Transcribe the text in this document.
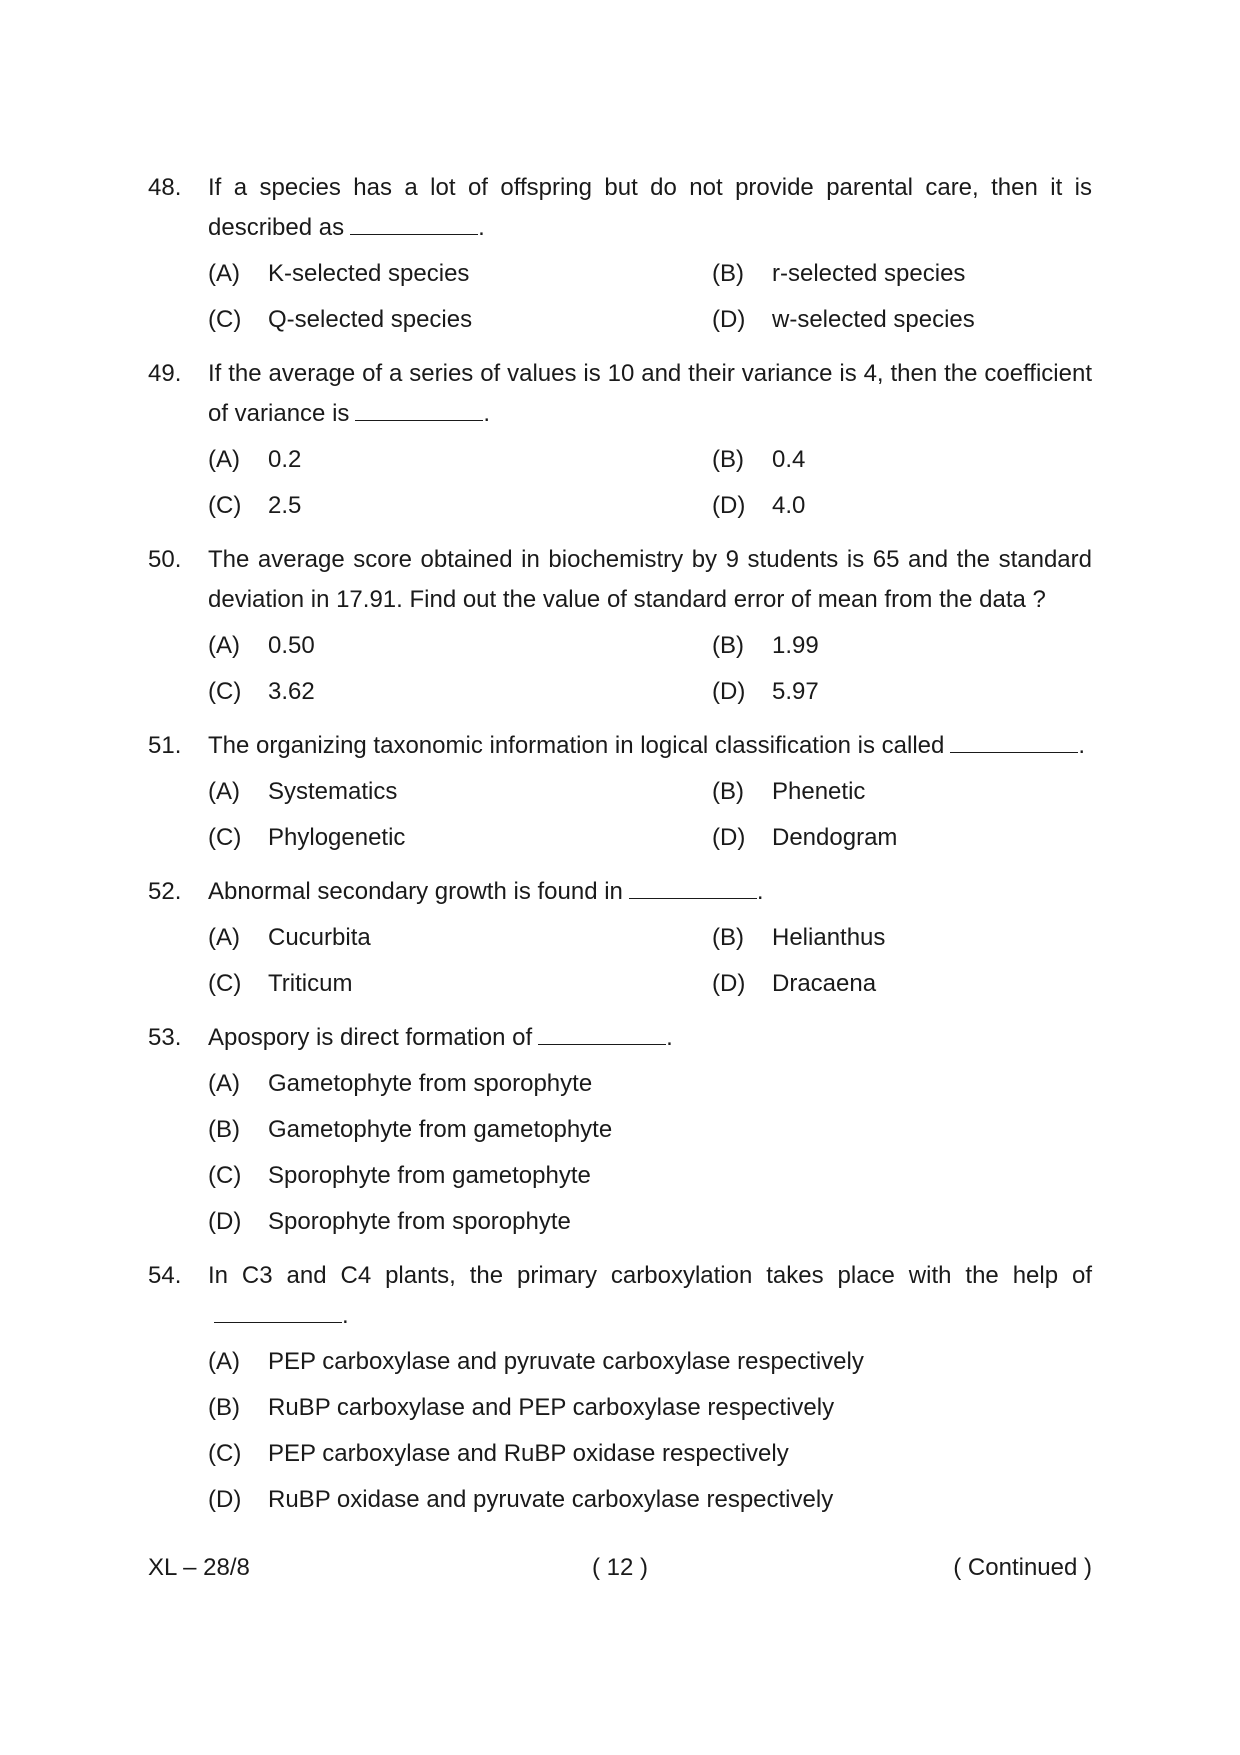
48.	If a species has a lot of offspring but do not provide parental care, then it is described as	.
(A)	K-selected species	(B)	r-selected species
(C)	Q-selected species	(D)	w-selected species
49.	If the average of a series of values is 10 and their variance is 4, then the coefficient of variance is	.
(A)	0.2	(B)	0.4
(C)	2.5	(D)	4.0
50.	The average score obtained in biochemistry by 9 students is 65 and the standard deviation in 17.91. Find out the value of standard error of mean from the data ?
(A)	0.50	(B)	1.99
(C)	3.62	(D)	5.97
51.	The organizing taxonomic information in logical classification is called	.
(A)	Systematics	(B)	Phenetic
(C)	Phylogenetic	(D)	Dendogram
52.	Abnormal secondary growth is found in	.
(A)	Cucurbita	(B)	Helianthus
(C)	Triticum	(D)	Dracaena
53.	Apospory is direct formation of	.
(A)	Gametophyte from sporophyte
(B)	Gametophyte from gametophyte
(C)	Sporophyte from gametophyte
(D)	Sporophyte from sporophyte
54.	In C3 and C4 plants, the primary carboxylation takes place with the help of.
(A)	PEP carboxylase and pyruvate carboxylase respectively
(B)	RuBP carboxylase and PEP carboxylase respectively
(C)	PEP carboxylase and RuBP oxidase respectively
(D)	RuBP oxidase and pyruvate carboxylase respectively
XL – 28/8	( 12 )	( Continued )
